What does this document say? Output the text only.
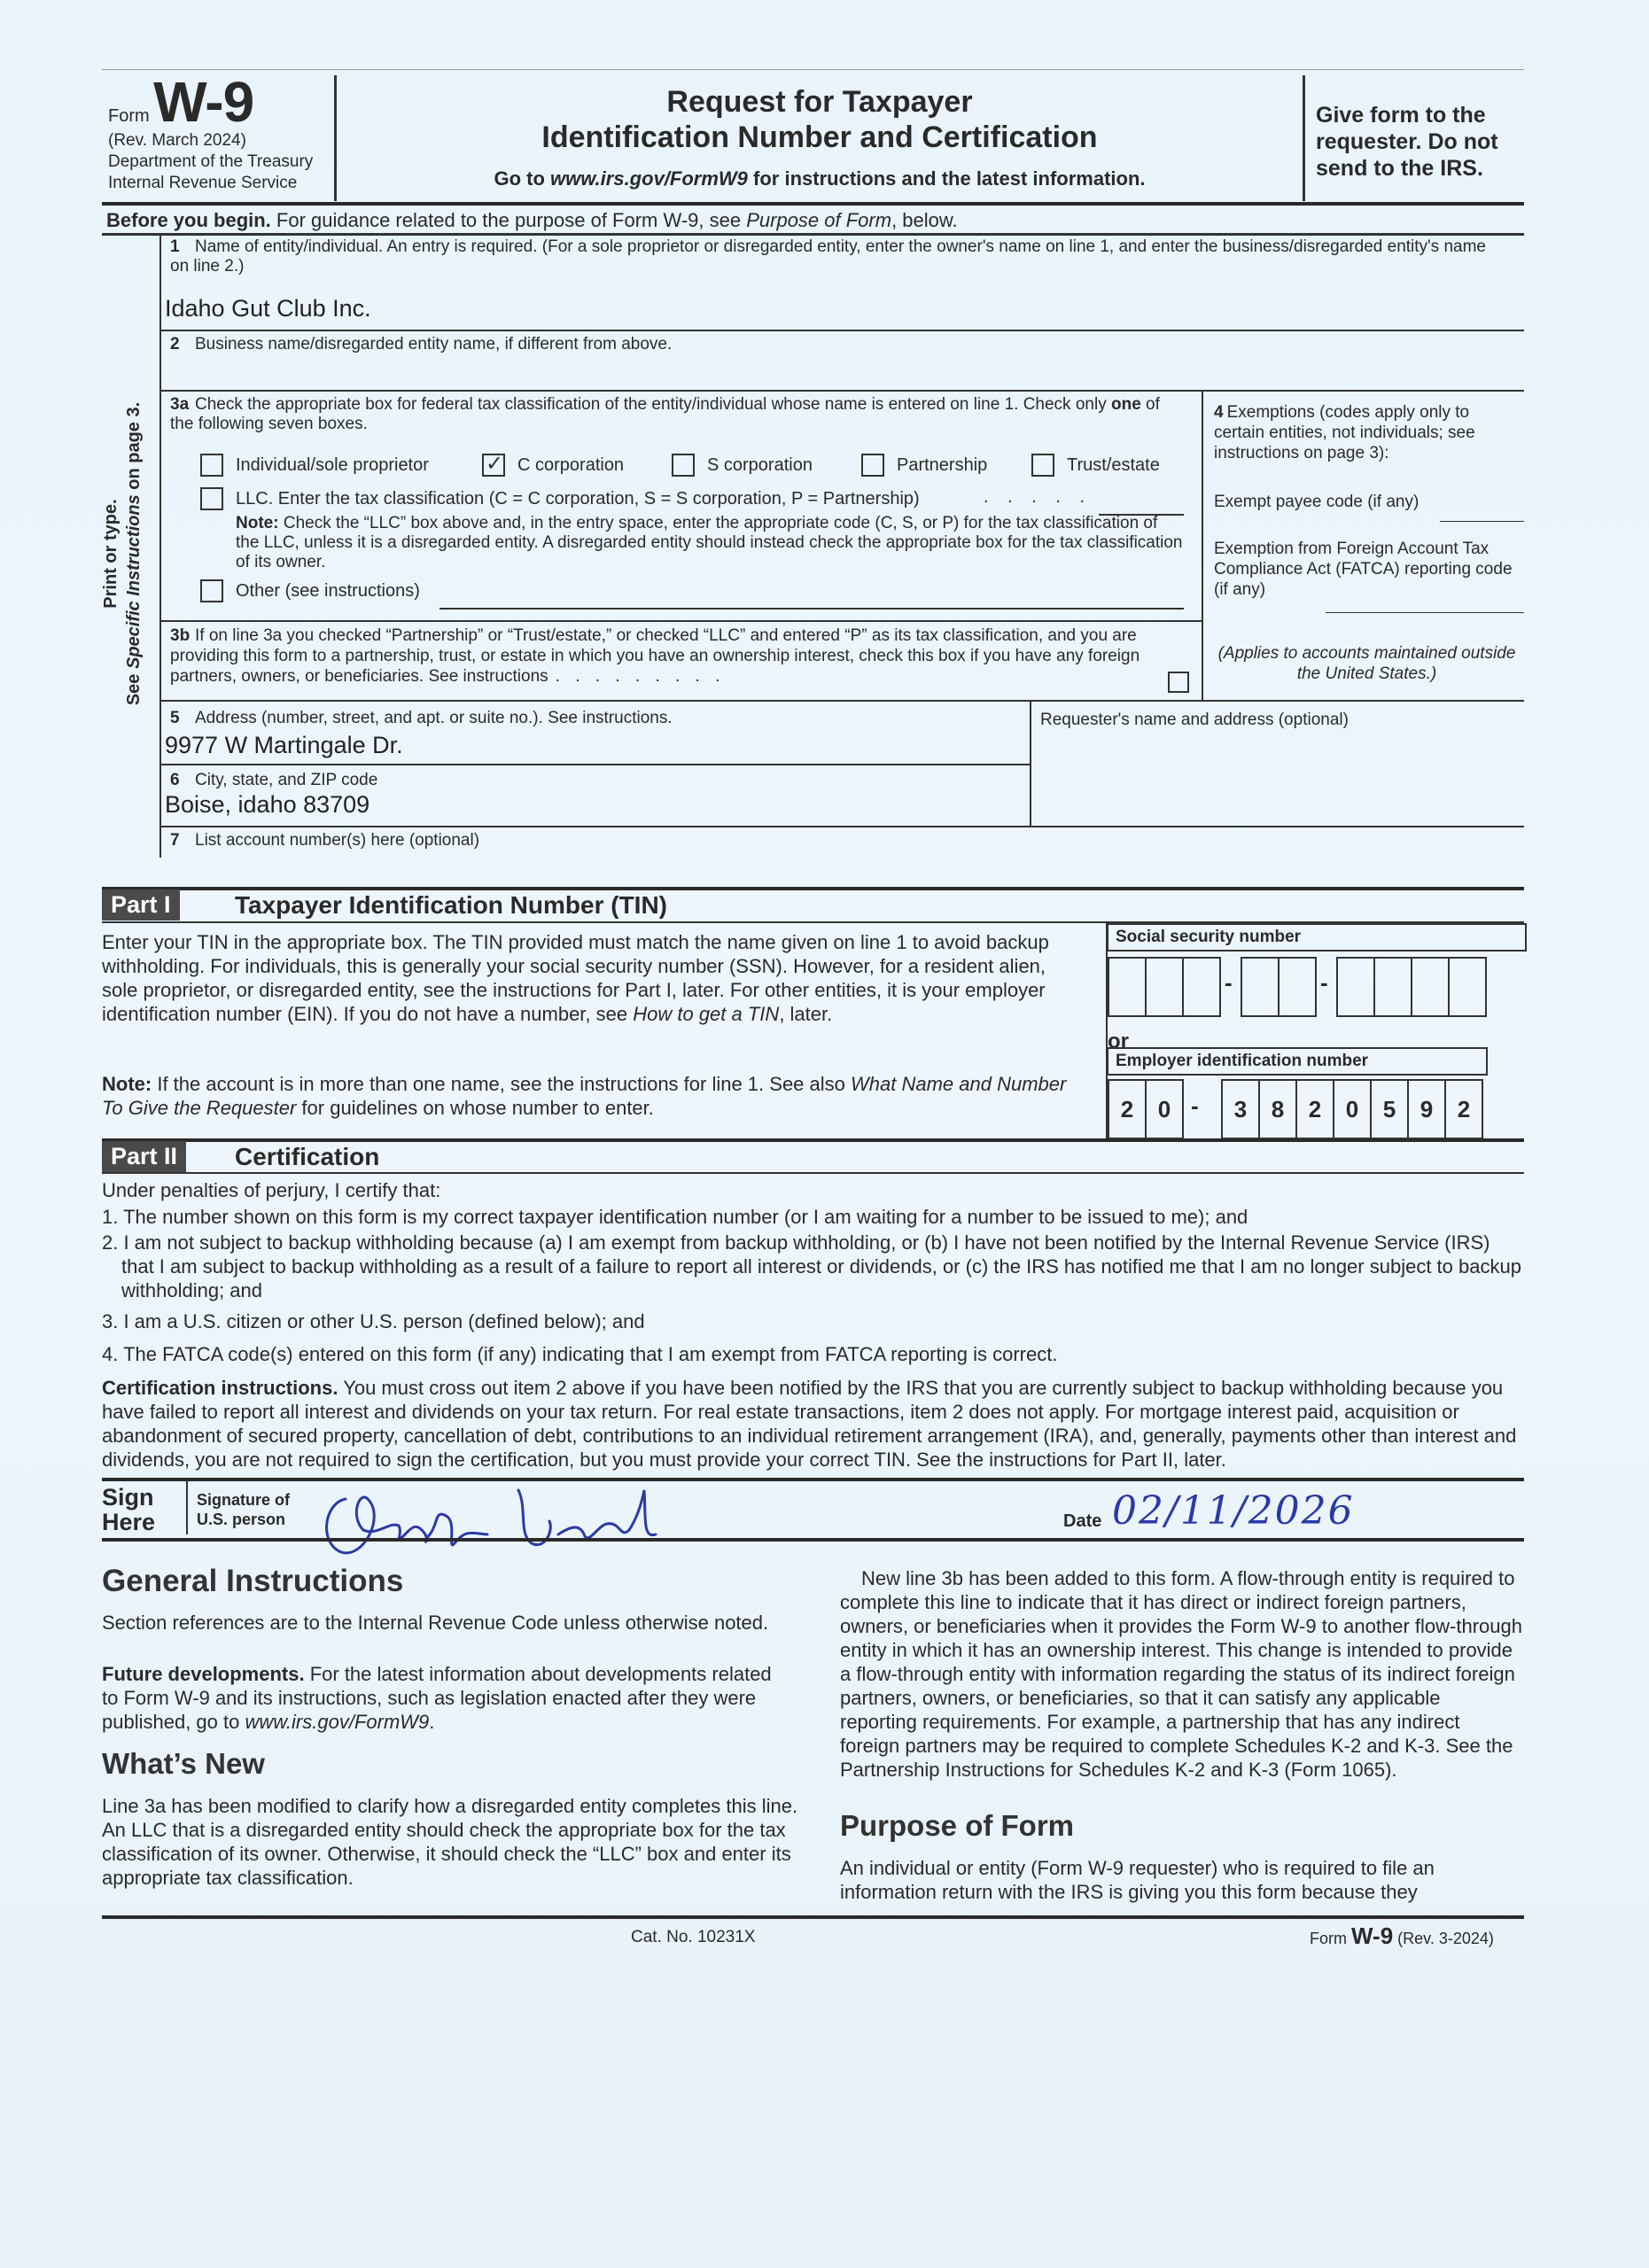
Form W-9
(Rev. March 2024)
Department of the Treasury
Internal Revenue Service
Request for Taxpayer
Identification Number and Certification
Go to www.irs.gov/FormW9 for instructions and the latest information.
Give form to the requester. Do not send to the IRS.
Before you begin. For guidance related to the purpose of Form W-9, see Purpose of Form, below.
Print or type.
See Specific Instructions on page 3.
1 Name of entity/individual. An entry is required. (For a sole proprietor or disregarded entity, enter the owner's name on line 1, and enter the business/disregarded entity's name on line 2.)
Idaho Gut Club Inc.
2 Business name/disregarded entity name, if different from above.
3a Check the appropriate box for federal tax classification of the entity/individual whose name is entered on line 1. Check only one of the following seven boxes.
Individual/sole proprietor	✓ C corporation	S corporation	Partnership	Trust/estate
LLC. Enter the tax classification (C = C corporation, S = S corporation, P = Partnership)	. . . . .
Note: Check the “LLC” box above and, in the entry space, enter the appropriate code (C, S, or P) for the tax classification of the LLC, unless it is a disregarded entity. A disregarded entity should instead check the appropriate box for the tax classification of its owner.
Other (see instructions)
4 Exemptions (codes apply only to certain entities, not individuals; see instructions on page 3):
Exempt payee code (if any)
Exemption from Foreign Account Tax Compliance Act (FATCA) reporting code (if any)
(Applies to accounts maintained outside the United States.)
3b If on line 3a you checked “Partnership” or “Trust/estate,” or checked “LLC” and entered “P” as its tax classification, and you are providing this form to a partnership, trust, or estate in which you have an ownership interest, check this box if you have any foreign partners, owners, or beneficiaries. See instructions . . . . . . . . .
5 Address (number, street, and apt. or suite no.). See instructions.
9977 W Martingale Dr.
Requester's name and address (optional)
6 City, state, and ZIP code
Boise, idaho 83709
7 List account number(s) here (optional)
Part I	Taxpayer Identification Number (TIN)
Enter your TIN in the appropriate box. The TIN provided must match the name given on line 1 to avoid backup withholding. For individuals, this is generally your social security number (SSN). However, for a resident alien, sole proprietor, or disregarded entity, see the instructions for Part I, later. For other entities, it is your employer identification number (EIN). If you do not have a number, see How to get a TIN, later.
Note: If the account is in more than one name, see the instructions for line 1. See also What Name and Number To Give the Requester for guidelines on whose number to enter.
Social security number
or
Employer identification number
Part II	Certification
Under penalties of perjury, I certify that:
1. The number shown on this form is my correct taxpayer identification number (or I am waiting for a number to be issued to me); and
2. I am not subject to backup withholding because (a) I am exempt from backup withholding, or (b) I have not been notified by the Internal Revenue Service (IRS) that I am subject to backup withholding as a result of a failure to report all interest or dividends, or (c) the IRS has notified me that I am no longer subject to backup withholding; and
3. I am a U.S. citizen or other U.S. person (defined below); and
4. The FATCA code(s) entered on this form (if any) indicating that I am exempt from FATCA reporting is correct.
Certification instructions. You must cross out item 2 above if you have been notified by the IRS that you are currently subject to backup withholding because you have failed to report all interest and dividends on your tax return. For real estate transactions, item 2 does not apply. For mortgage interest paid, acquisition or abandonment of secured property, cancellation of debt, contributions to an individual retirement arrangement (IRA), and, generally, payments other than interest and dividends, you are not required to sign the certification, but you must provide your correct TIN. See the instructions for Part II, later.
Sign
Here
Signature of
U.S. person	Date 02/11/2026
General Instructions
Section references are to the Internal Revenue Code unless otherwise noted.
Future developments. For the latest information about developments related to Form W-9 and its instructions, such as legislation enacted after they were published, go to www.irs.gov/FormW9.
What’s New
Line 3a has been modified to clarify how a disregarded entity completes this line. An LLC that is a disregarded entity should check the appropriate box for the tax classification of its owner. Otherwise, it should check the “LLC” box and enter its appropriate tax classification.
New line 3b has been added to this form. A flow-through entity is required to complete this line to indicate that it has direct or indirect foreign partners, owners, or beneficiaries when it provides the Form W-9 to another flow-through entity in which it has an ownership interest. This change is intended to provide a flow-through entity with information regarding the status of its indirect foreign partners, owners, or beneficiaries, so that it can satisfy any applicable reporting requirements. For example, a partnership that has any indirect foreign partners may be required to complete Schedules K-2 and K-3. See the Partnership Instructions for Schedules K-2 and K-3 (Form 1065).
Purpose of Form
An individual or entity (Form W-9 requester) who is required to file an information return with the IRS is giving you this form because they
Cat. No. 10231X	Form W-9 (Rev. 3-2024)
-	-
2	0	3	8	2	0	5	9	2
-
